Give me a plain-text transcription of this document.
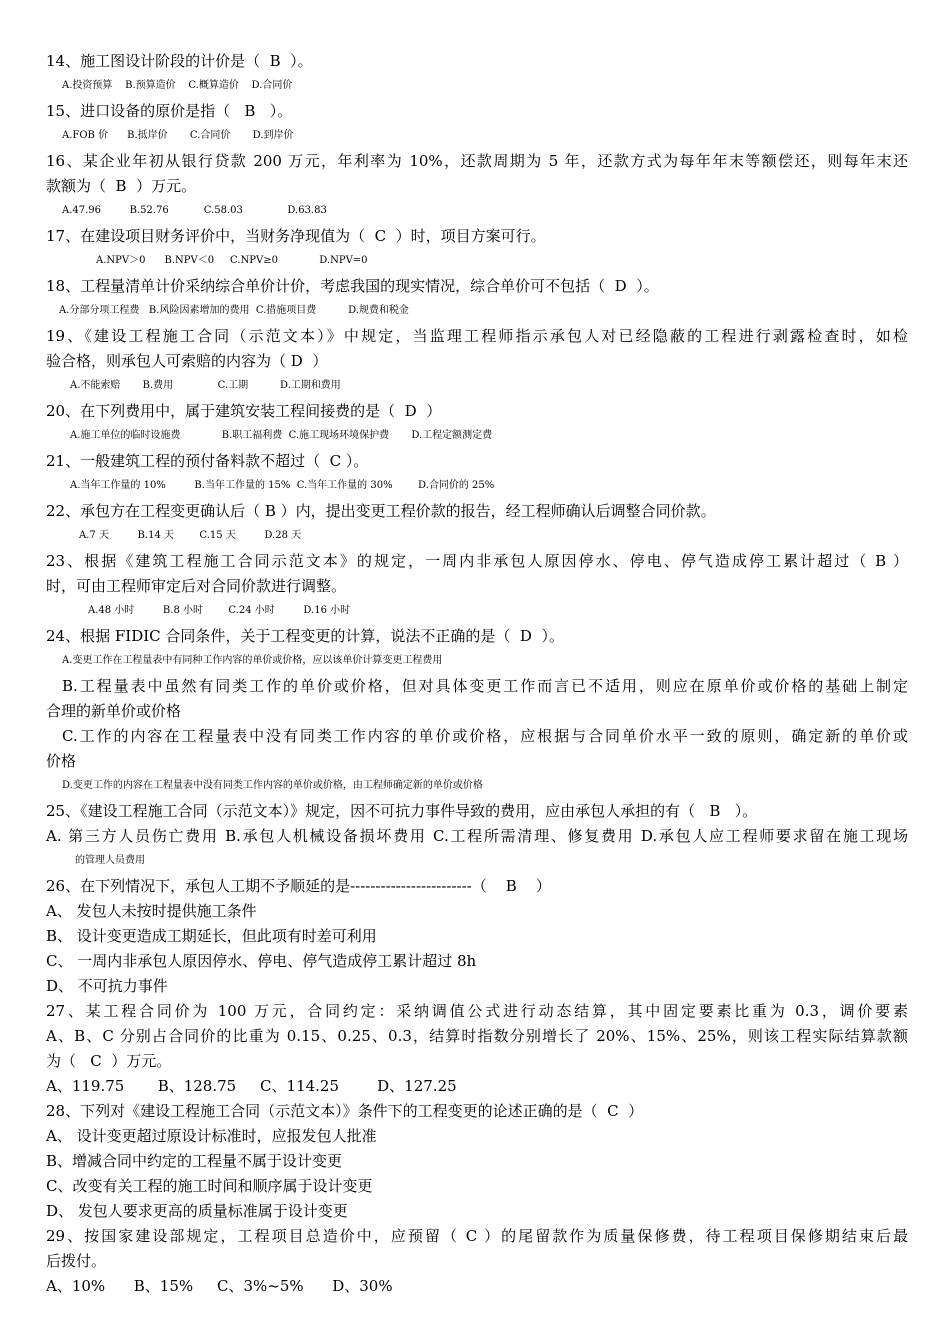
14、施工图设计阶段的计价是（  B  ）。
A.投资预算    B.预算造价    C.概算造价    D.合同价
15、进口设备的原价是指（   B   ）。
A.FOB 价      B.抵岸价       C.合同价       D.到岸价
16、某企业年初从银行贷款 200 万元，年利率为 10%，还款周期为 5 年，还款方式为每年年末等额偿还，则每年末还
款额为（  B  ）万元。
A.47.96         B.52.76           C.58.03              D.63.83
17、在建设项目财务评价中，当财务净现值为（  C  ）时，项目方案可行。
A.NPV＞0      B.NPV＜0     C.NPV≥0             D.NPV=0
18、工程量清单计价采纳综合单价计价，考虑我国的现实情况，综合单价可不包括（  D  ）。
A.分部分项工程费   B.风险因素增加的费用  C.措施项目费          D.规费和税金
19、《建设工程施工合同（示范文本）》中规定，当监理工程师指示承包人对已经隐蔽的工程进行剥露检查时，如检
验合格，则承包人可索赔的内容为（ D  ）
A.不能索赔       B.费用              C.工期          D.工期和费用
20、在下列费用中，属于建筑安装工程间接费的是（  D  ）
A.施工单位的临时设施费             B.职工福利费  C.施工现场环境保护费       D.工程定额测定费
21、一般建筑工程的预付备料款不超过（  C ）。
A.当年工作量的 10%         B.当年工作量的 15%  C.当年工作量的 30%        D.合同价的 25%
22、承包方在工程变更确认后（ B ）内，提出变更工程价款的报告，经工程师确认后调整合同价款。
A.7 天         B.14 天        C.15 天         D.28 天
23、根据《建筑工程施工合同示范文本》的规定，一周内非承包人原因停水、停电、停气造成停工累计超过（ B ）
时，可由工程师审定后对合同价款进行调整。
A.48 小时         B.8 小时        C.24 小时         D.16 小时
24、根据 FIDIC 合同条件，关于工程变更的计算，说法不正确的是（  D  ）。
A.变更工作在工程量表中有同种工作内容的单价或价格，应以该单价计算变更工程费用
B.工程量表中虽然有同类工作的单价或价格，但对具体变更工作而言已不适用，则应在原单价或价格的基础上制定
合理的新单价或价格
C.工作的内容在工程量表中没有同类工作内容的单价或价格，应根据与合同单价水平一致的原则，确定新的单价或
价格
D.变更工作的内容在工程量表中没有同类工作内容的单价或价格，由工程师确定新的单价或价格
25、《建设工程施工合同（示范文本）》规定，因不可抗力事件导致的费用，应由承包人承担的有（   B   ）。
A. 第三方人员伤亡费用 B.承包人机械设备损坏费用 C.工程所需清理、修复费用 D.承包人应工程师要求留在施工现场
的管理人员费用
26、在下列情况下，承包人工期不予顺延的是------------------------（    B    ）
A、 发包人未按时提供施工条件
B、 设计变更造成工期延长，但此项有时差可利用
C、 一周内非承包人原因停水、停电、停气造成停工累计超过 8h
D、 不可抗力事件
27、某工程合同价为 100 万元，合同约定：采纳调值公式进行动态结算，其中固定要素比重为 0.3，调价要素
A、B、C 分别占合同价的比重为 0.15、0.25、0.3，结算时指数分别增长了 20%、15%、25%，则该工程实际结算款额
为（   C  ）万元。
A、119.75       B、128.75     C、114.25        D、127.25
28、下列对《建设工程施工合同（示范文本）》条件下的工程变更的论述正确的是（  C  ）
A、 设计变更超过原设计标准时，应报发包人批准
B、增减合同中约定的工程量不属于设计变更
C、改变有关工程的施工时间和顺序属于设计变更
D、 发包人要求更高的质量标准属于设计变更
29、按国家建设部规定，工程项目总造价中，应预留（ C ）的尾留款作为质量保修费，待工程项目保修期结束后最
后拨付。
A、10%      B、15%     C、3%~5%      D、30%
